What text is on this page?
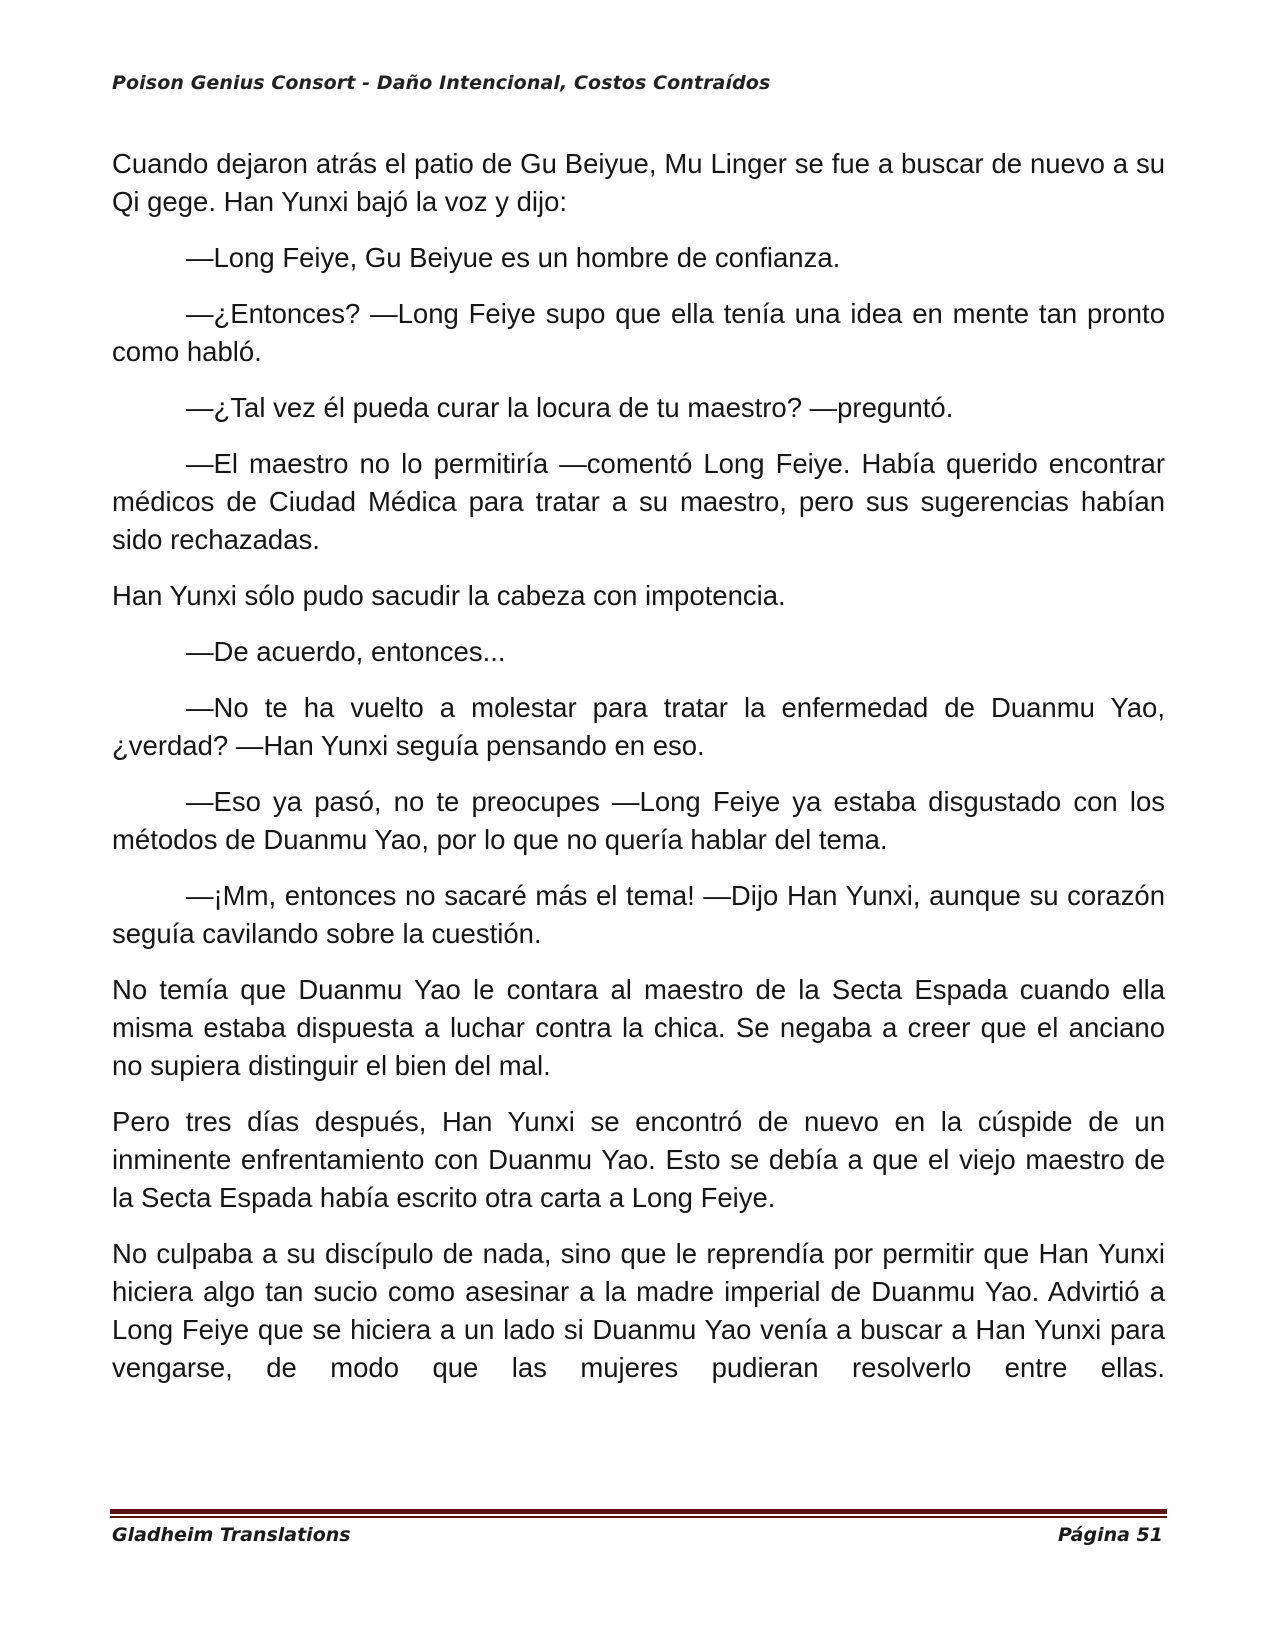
Poison Genius Consort - Daño Intencional, Costos Contraídos

Cuando dejaron atrás el patio de Gu Beiyue, Mu Linger se fue a buscar de nuevo a su Qi gege. Han Yunxi bajó la voz y dijo:

—Long Feiye, Gu Beiyue es un hombre de confianza.

—¿Entonces? —Long Feiye supo que ella tenía una idea en mente tan pronto como habló.

—¿Tal vez él pueda curar la locura de tu maestro? —preguntó.

—El maestro no lo permitiría —comentó Long Feiye. Había querido encontrar médicos de Ciudad Médica para tratar a su maestro, pero sus sugerencias habían sido rechazadas.

Han Yunxi sólo pudo sacudir la cabeza con impotencia.

—De acuerdo, entonces...

—No te ha vuelto a molestar para tratar la enfermedad de Duanmu Yao, ¿verdad? —Han Yunxi seguía pensando en eso.

—Eso ya pasó, no te preocupes —Long Feiye ya estaba disgustado con los métodos de Duanmu Yao, por lo que no quería hablar del tema.

—¡Mm, entonces no sacaré más el tema! —Dijo Han Yunxi, aunque su corazón seguía cavilando sobre la cuestión.

No temía que Duanmu Yao le contara al maestro de la Secta Espada cuando ella misma estaba dispuesta a luchar contra la chica. Se negaba a creer que el anciano no supiera distinguir el bien del mal.

Pero tres días después, Han Yunxi se encontró de nuevo en la cúspide de un inminente enfrentamiento con Duanmu Yao. Esto se debía a que el viejo maestro de la Secta Espada había escrito otra carta a Long Feiye.

No culpaba a su discípulo de nada, sino que le reprendía por permitir que Han Yunxi hiciera algo tan sucio como asesinar a la madre imperial de Duanmu Yao. Advirtió a Long Feiye que se hiciera a un lado si Duanmu Yao venía a buscar a Han Yunxi para vengarse, de modo que las mujeres pudieran resolverlo entre ellas.

Gladheim Translations	Página 51
